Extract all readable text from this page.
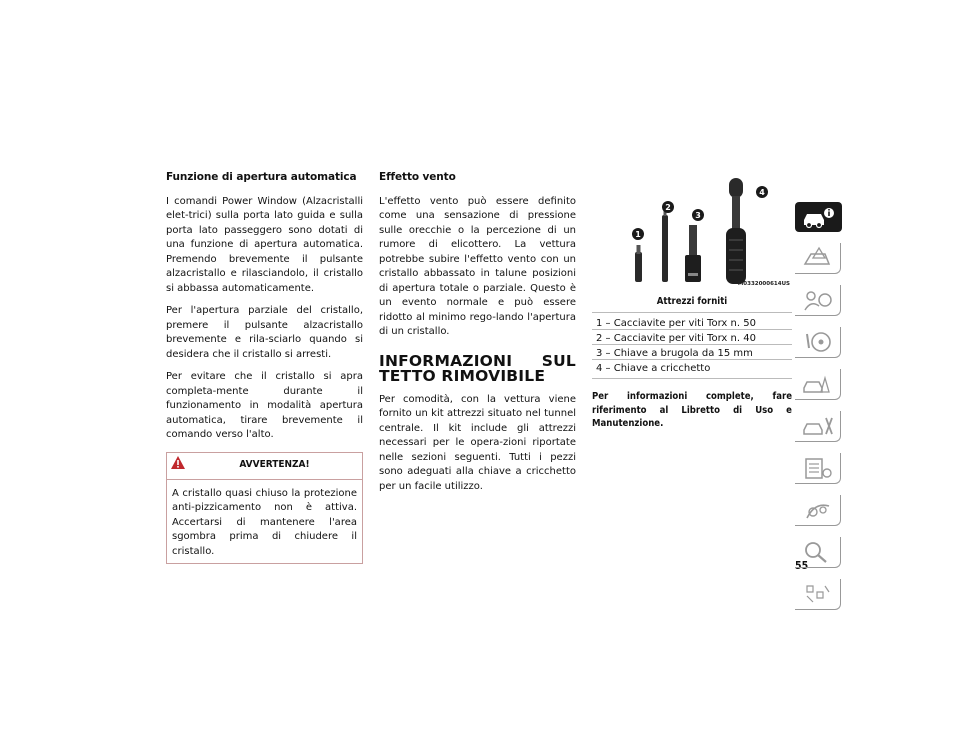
Funzione di apertura automatica

I comandi Power Window (Alzacristalli elet-trici) sulla porta lato guida e sulla porta lato passeggero sono dotati di una funzione di apertura automatica. Premendo brevemente il pulsante alzacristallo e rilasciandolo, il cristallo si abbassa automaticamente.

Per l'apertura parziale del cristallo, premere il pulsante alzacristallo brevemente e rila-sciarlo quando si desidera che il cristallo si arresti.

Per evitare che il cristallo si apra completa-mente durante il funzionamento in modalità apertura automatica, tirare brevemente il comando verso l'alto.

AVVERTENZA!
A cristallo quasi chiuso la protezione anti-pizzicamento non è attiva. Accertarsi di mantenere l'area sgombra prima di chiudere il cristallo.
Effetto vento

L'effetto vento può essere definito come una sensazione di pressione sulle orecchie o la percezione di un rumore di elicottero. La vettura potrebbe subire l'effetto vento con un cristallo abbassato in talune posizioni di apertura totale o parziale. Questo è un evento normale e può essere ridotto al minimo rego-lando l'apertura di un cristallo.

INFORMAZIONI SUL TETTO RIMOVIBILE

Per comodità, con la vettura viene fornito un kit attrezzi situato nel tunnel centrale. Il kit include gli attrezzi necessari per le opera-zioni riportate nelle sezioni seguenti. Tutti i pezzi sono adeguati alla chiave a cricchetto per un facile utilizzo.

1
2
3
4
M0332000614US
Attrezzi forniti
1 – Cacciavite per viti Torx n. 50
2 – Cacciavite per viti Torx n. 40
3 – Chiave a brugola da 15 mm
4 – Chiave a cricchetto
Per informazioni complete, fare riferimento al Libretto di Uso e Manutenzione.
55
